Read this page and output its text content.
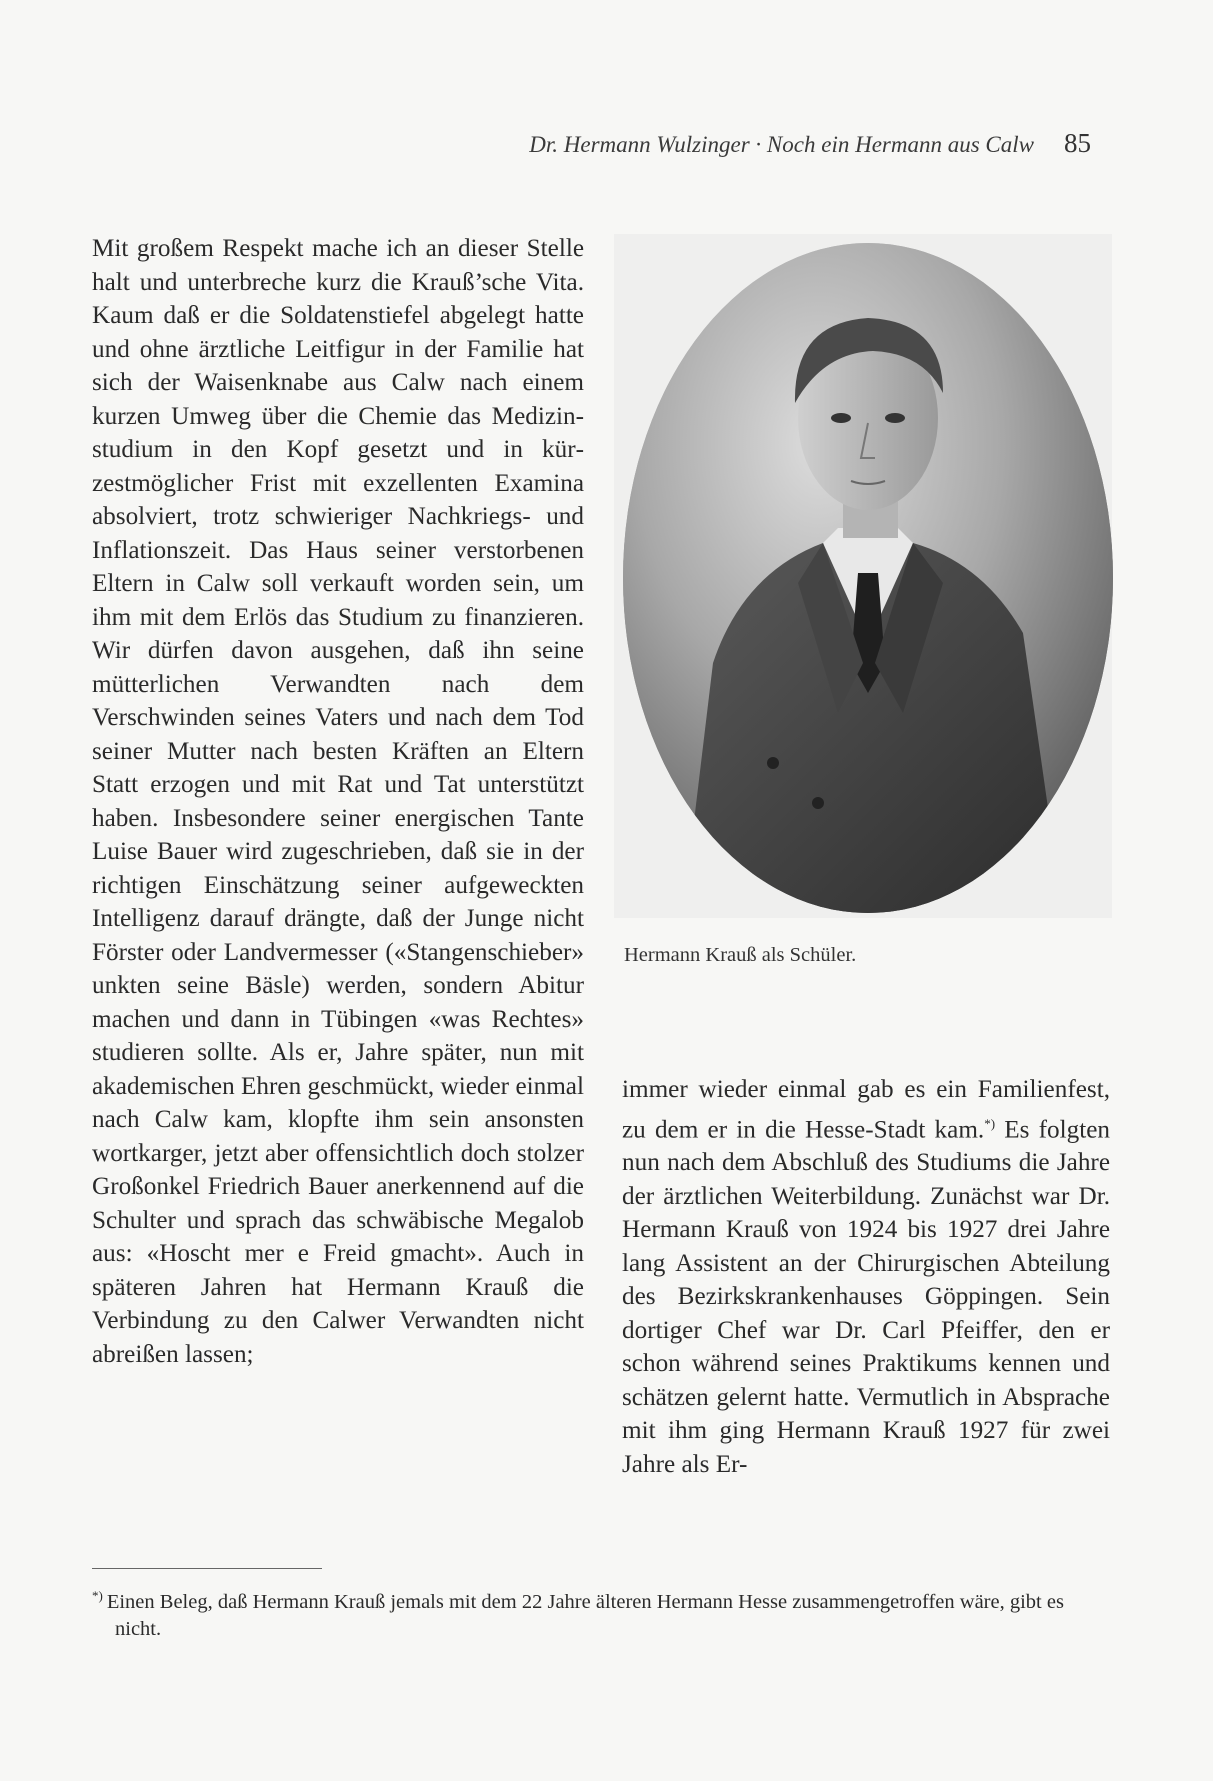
Dr. Hermann Wulzinger · Noch ein Hermann aus Calw 85
Mit großem Respekt mache ich an dieser Stelle halt und unterbreche kurz die Krauß’sche Vita. Kaum daß er die Soldatenstiefel abgelegt hatte und ohne ärztliche Leitfigur in der Familie hat sich der Waisenknabe aus Calw nach einem kurzen Umweg über die Chemie das Medizinstudium in den Kopf gesetzt und in kürzestmöglicher Frist mit exzellenten Examina absolviert, trotz schwieriger Nachkriegs- und Inflationszeit. Das Haus seiner verstorbenen Eltern in Calw soll verkauft worden sein, um ihm mit dem Erlös das Studium zu finanzieren. Wir dürfen davon ausgehen, daß ihn seine mütterlichen Verwandten nach dem Verschwinden seines Vaters und nach dem Tod seiner Mutter nach besten Kräften an Eltern Statt erzogen und mit Rat und Tat unterstützt haben. Insbesondere seiner energischen Tante Luise Bauer wird zugeschrieben, daß sie in der richtigen Einschätzung seiner aufgeweckten Intelligenz darauf drängte, daß der Junge nicht Förster oder Landvermesser («Stangenschieber» unkten seine Bäsle) werden, sondern Abitur machen und dann in Tübingen «was Rechtes» studieren sollte. Als er, Jahre später, nun mit akademischen Ehren geschmückt, wieder einmal nach Calw kam, klopfte ihm sein ansonsten wortkarger, jetzt aber offensichtlich doch stolzer Großonkel Friedrich Bauer anerkennend auf die Schulter und sprach das schwäbische Megalob aus: «Hoscht mer e Freid gmacht». Auch in späteren Jahren hat Hermann Krauß die Verbindung zu den Calwer Verwandten nicht abreißen lassen;
Hermann Krauß als Schüler.
immer wieder einmal gab es ein Familienfest, zu dem er in die Hesse-Stadt kam.*) Es folgten nun nach dem Abschluß des Studiums die Jahre der ärztlichen Weiterbildung. Zunächst war Dr. Hermann Krauß von 1924 bis 1927 drei Jahre lang Assistent an der Chirurgischen Abteilung des Bezirkskrankenhauses Göppingen. Sein dortiger Chef war Dr. Carl Pfeiffer, den er schon während seines Praktikums kennen und schätzen gelernt hatte. Vermutlich in Absprache mit ihm ging Hermann Krauß 1927 für zwei Jahre als Er-
*) Einen Beleg, daß Hermann Krauß jemals mit dem 22 Jahre älteren Hermann Hesse zusammengetroffen wäre, gibt es nicht.
